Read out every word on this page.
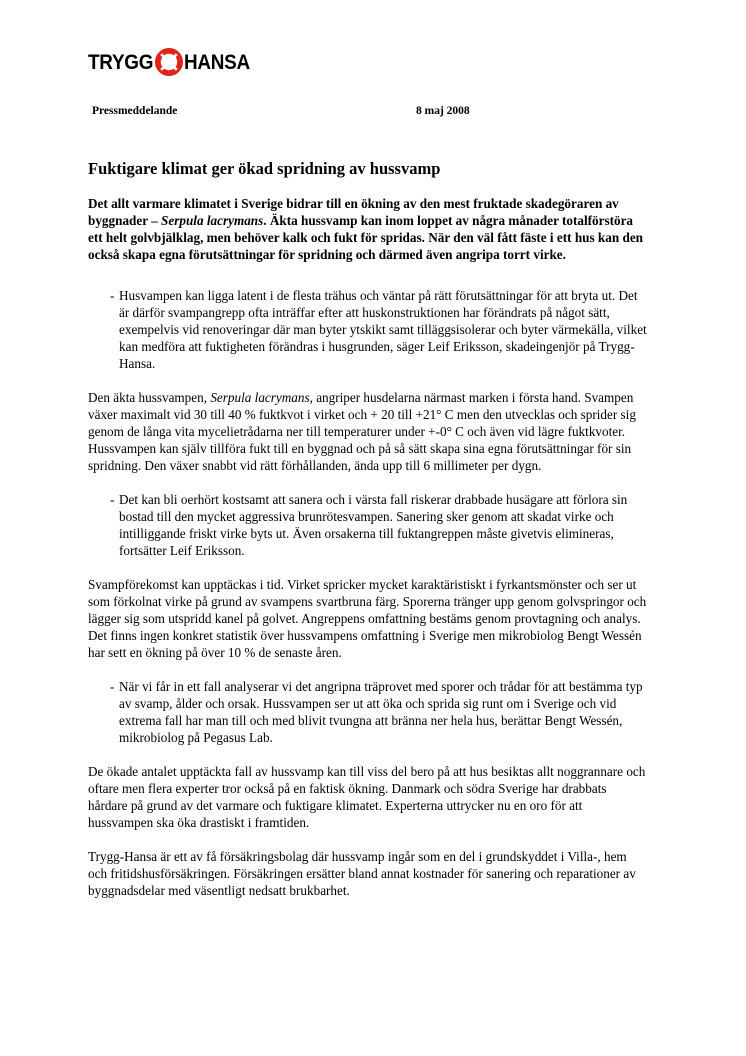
TRYGG HANSA
Pressmeddelande	8 maj 2008
Fuktigare klimat ger ökad spridning av hussvamp

Det allt varmare klimatet i Sverige bidrar till en ökning av den mest fruktade skadegöraren av byggnader – Serpula lacrymans. Äkta hussvamp kan inom loppet av några månader totalförstöra ett helt golvbjälklag, men behöver kalk och fukt för spridas. När den väl fått fäste i ett hus kan den också skapa egna förutsättningar för spridning och därmed även angripa torrt virke.

- Husvampen kan ligga latent i de flesta trähus och väntar på rätt förutsättningar för att bryta ut. Det är därför svampangrepp ofta inträffar efter att huskonstruktionen har förändrats på något sätt, exempelvis vid renoveringar där man byter ytskikt samt tilläggsisolerar och byter värmekälla, vilket kan medföra att fuktigheten förändras i husgrunden, säger Leif Eriksson, skadeingenjör på Trygg-Hansa.

Den äkta hussvampen, Serpula lacrymans, angriper husdelarna närmast marken i första hand. Svampen växer maximalt vid 30 till 40 % fuktkvot i virket och + 20 till +21° C men den utvecklas och sprider sig genom de långa vita mycelietrådarna ner till temperaturer under +-0° C och även vid lägre fuktkvoter. Hussvampen kan själv tillföra fukt till en byggnad och på så sätt skapa sina egna förutsättningar för sin spridning. Den växer snabbt vid rätt förhållanden, ända upp till 6 millimeter per dygn.

- Det kan bli oerhört kostsamt att sanera och i värsta fall riskerar drabbade husägare att förlora sin bostad till den mycket aggressiva brunrötesvampen. Sanering sker genom att skadat virke och intilliggande friskt virke byts ut. Även orsakerna till fuktangreppen måste givetvis elimineras, fortsätter Leif Eriksson.

Svampförekomst kan upptäckas i tid. Virket spricker mycket karaktäristiskt i fyrkantsmönster och ser ut som förkolnat virke på grund av svampens svartbruna färg. Sporerna tränger upp genom golvspringor och lägger sig som utspridd kanel på golvet. Angreppens omfattning bestäms genom provtagning och analys. Det finns ingen konkret statistik över hussvampens omfattning i Sverige men mikrobiolog Bengt Wessén har sett en ökning på över 10 % de senaste åren.

- När vi får in ett fall analyserar vi det angripna träprovet med sporer och trådar för att bestämma typ av svamp, ålder och orsak. Hussvampen ser ut att öka och sprida sig runt om i Sverige och vid extrema fall har man till och med blivit tvungna att bränna ner hela hus, berättar Bengt Wessén, mikrobiolog på Pegasus Lab.

De ökade antalet upptäckta fall av hussvamp kan till viss del bero på att hus besiktas allt noggrannare och oftare men flera experter tror också på en faktisk ökning. Danmark och södra Sverige har drabbats hårdare på grund av det varmare och fuktigare klimatet. Experterna uttrycker nu en oro för att hussvampen ska öka drastiskt i framtiden.

Trygg-Hansa är ett av få försäkringsbolag där hussvamp ingår som en del i grundskyddet i Villa-, hem och fritidshusförsäkringen. Försäkringen ersätter bland annat kostnader för sanering och reparationer av byggnadsdelar med väsentligt nedsatt brukbarhet.
